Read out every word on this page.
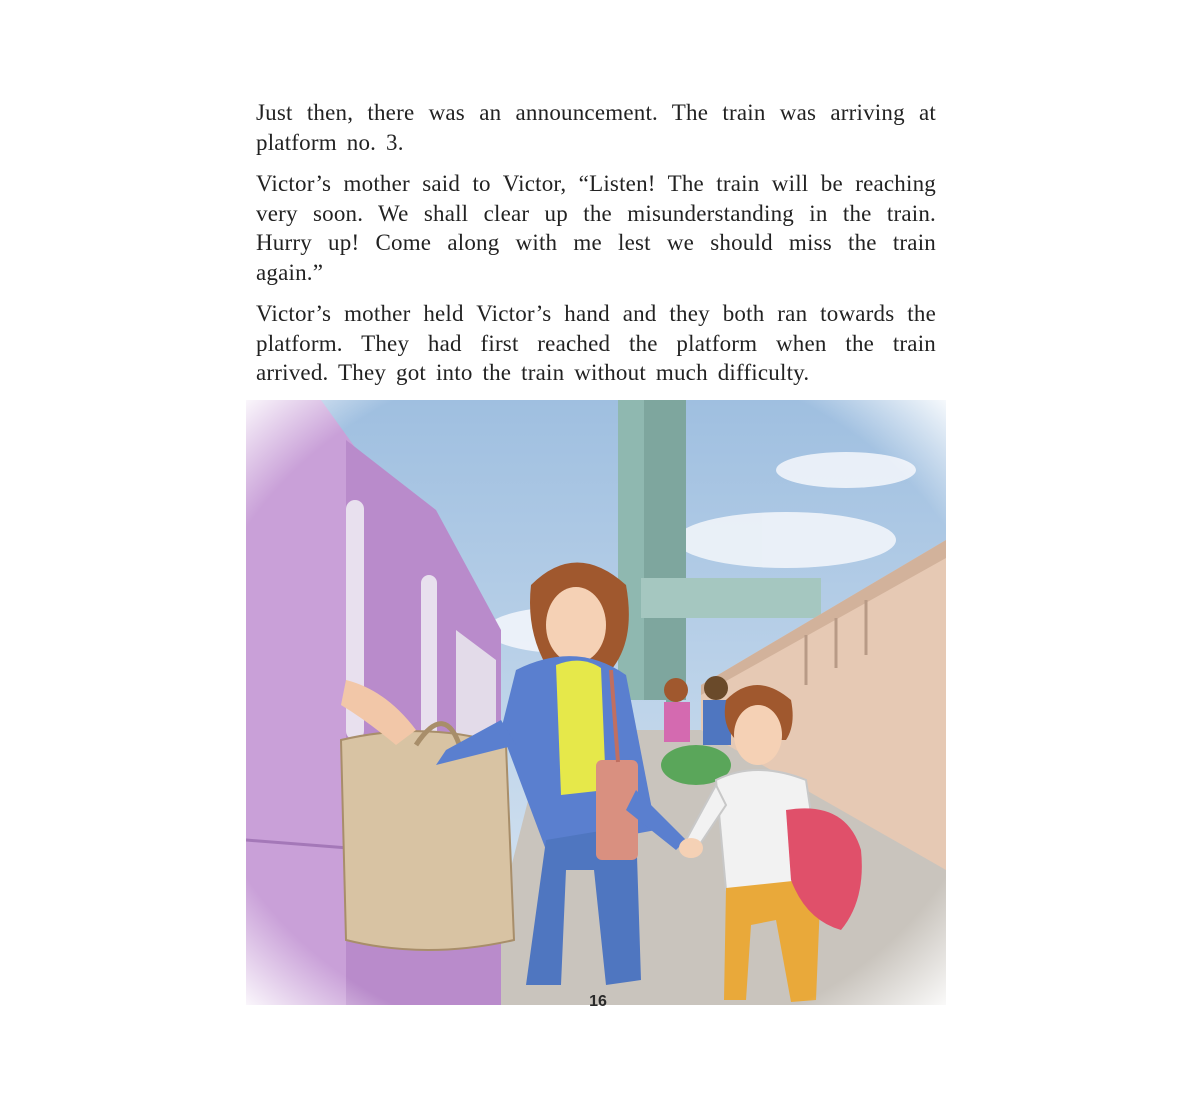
Just then, there was an announcement. The train was arriving at platform no. 3.

Victor’s mother said to Victor, “Listen! The train will be reaching very soon. We shall clear up the misunderstanding in the train. Hurry up! Come along with me lest we should miss the train again.”

Victor’s mother held Victor’s hand and they both ran towards the platform. They had first reached the platform when the train arrived. They got into the train without much difficulty.

16
